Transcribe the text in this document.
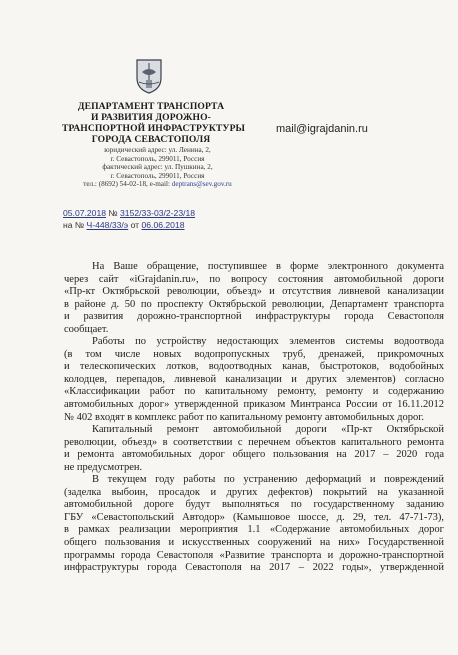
ДЕПАРТАМЕНТ ТРАНСПОРТА
И РАЗВИТИЯ ДОРОЖНО-
ТРАНСПОРТНОЙ ИНФРАСТРУКТУРЫ
ГОРОДА СЕВАСТОПОЛЯ
mail@igrajdanin.ru
юридический адрес: ул. Ленина, 2,
г. Севастополь, 299011, Россия
фактический адрес: ул. Пушкина, 2,
г. Севастополь, 299011, Россия
тел.: (8692) 54-02-18, e-mail: deptrans@sev.gov.ru
05.07.2018 № 3152/33-03/2-23/18
на № Ч-448/33/э от 06.06.2018
На Ваше обращение, поступившее в форме электронного документа
через сайт «iGrajdanin.ru», по вопросу состояния автомобильной дороги
«Пр-кт Октябрьской революции, объезд» и отсутствия ливневой канализации
в районе д. 50 по проспекту Октябрьской революции, Департамент транспорта
и развития дорожно-транспортной инфраструктуры города Севастополя
сообщает.
Работы по устройству недостающих элементов системы водоотвода
(в том числе новых водопропускных труб, дренажей, прикромочных
и телескопических лотков, водоотводных канав, быстротоков, водобойных
колодцев, перепадов, ливневой канализации и других элементов) согласно
«Классификации работ по капитальному ремонту, ремонту и содержанию
автомобильных дорог» утвержденной приказом Минтранса России от 16.11.2012
№ 402 входят в комплекс работ по капитальному ремонту автомобильных дорог.
Капитальный ремонт автомобильной дороги «Пр-кт Октябрьской
революции, объезд» в соответствии с перечнем объектов капитального ремонта
и ремонта автомобильных дорог общего пользования на 2017 – 2020 года
не предусмотрен.
В текущем году работы по устранению деформаций и повреждений
(заделка выбоин, просадок и других дефектов) покрытий на указанной
автомобильной дороге будут выполняться по государственному заданию
ГБУ «Севастопольский Автодор» (Камышовое шоссе, д. 29, тел. 47-71-73),
в рамках реализации мероприятия 1.1 «Содержание автомобильных дорог
общего пользования и искусственных сооружений на них» Государственной
программы города Севастополя «Развитие транспорта и дорожно-транспортной
инфраструктуры города Севастополя на 2017 – 2022 годы», утвержденной
